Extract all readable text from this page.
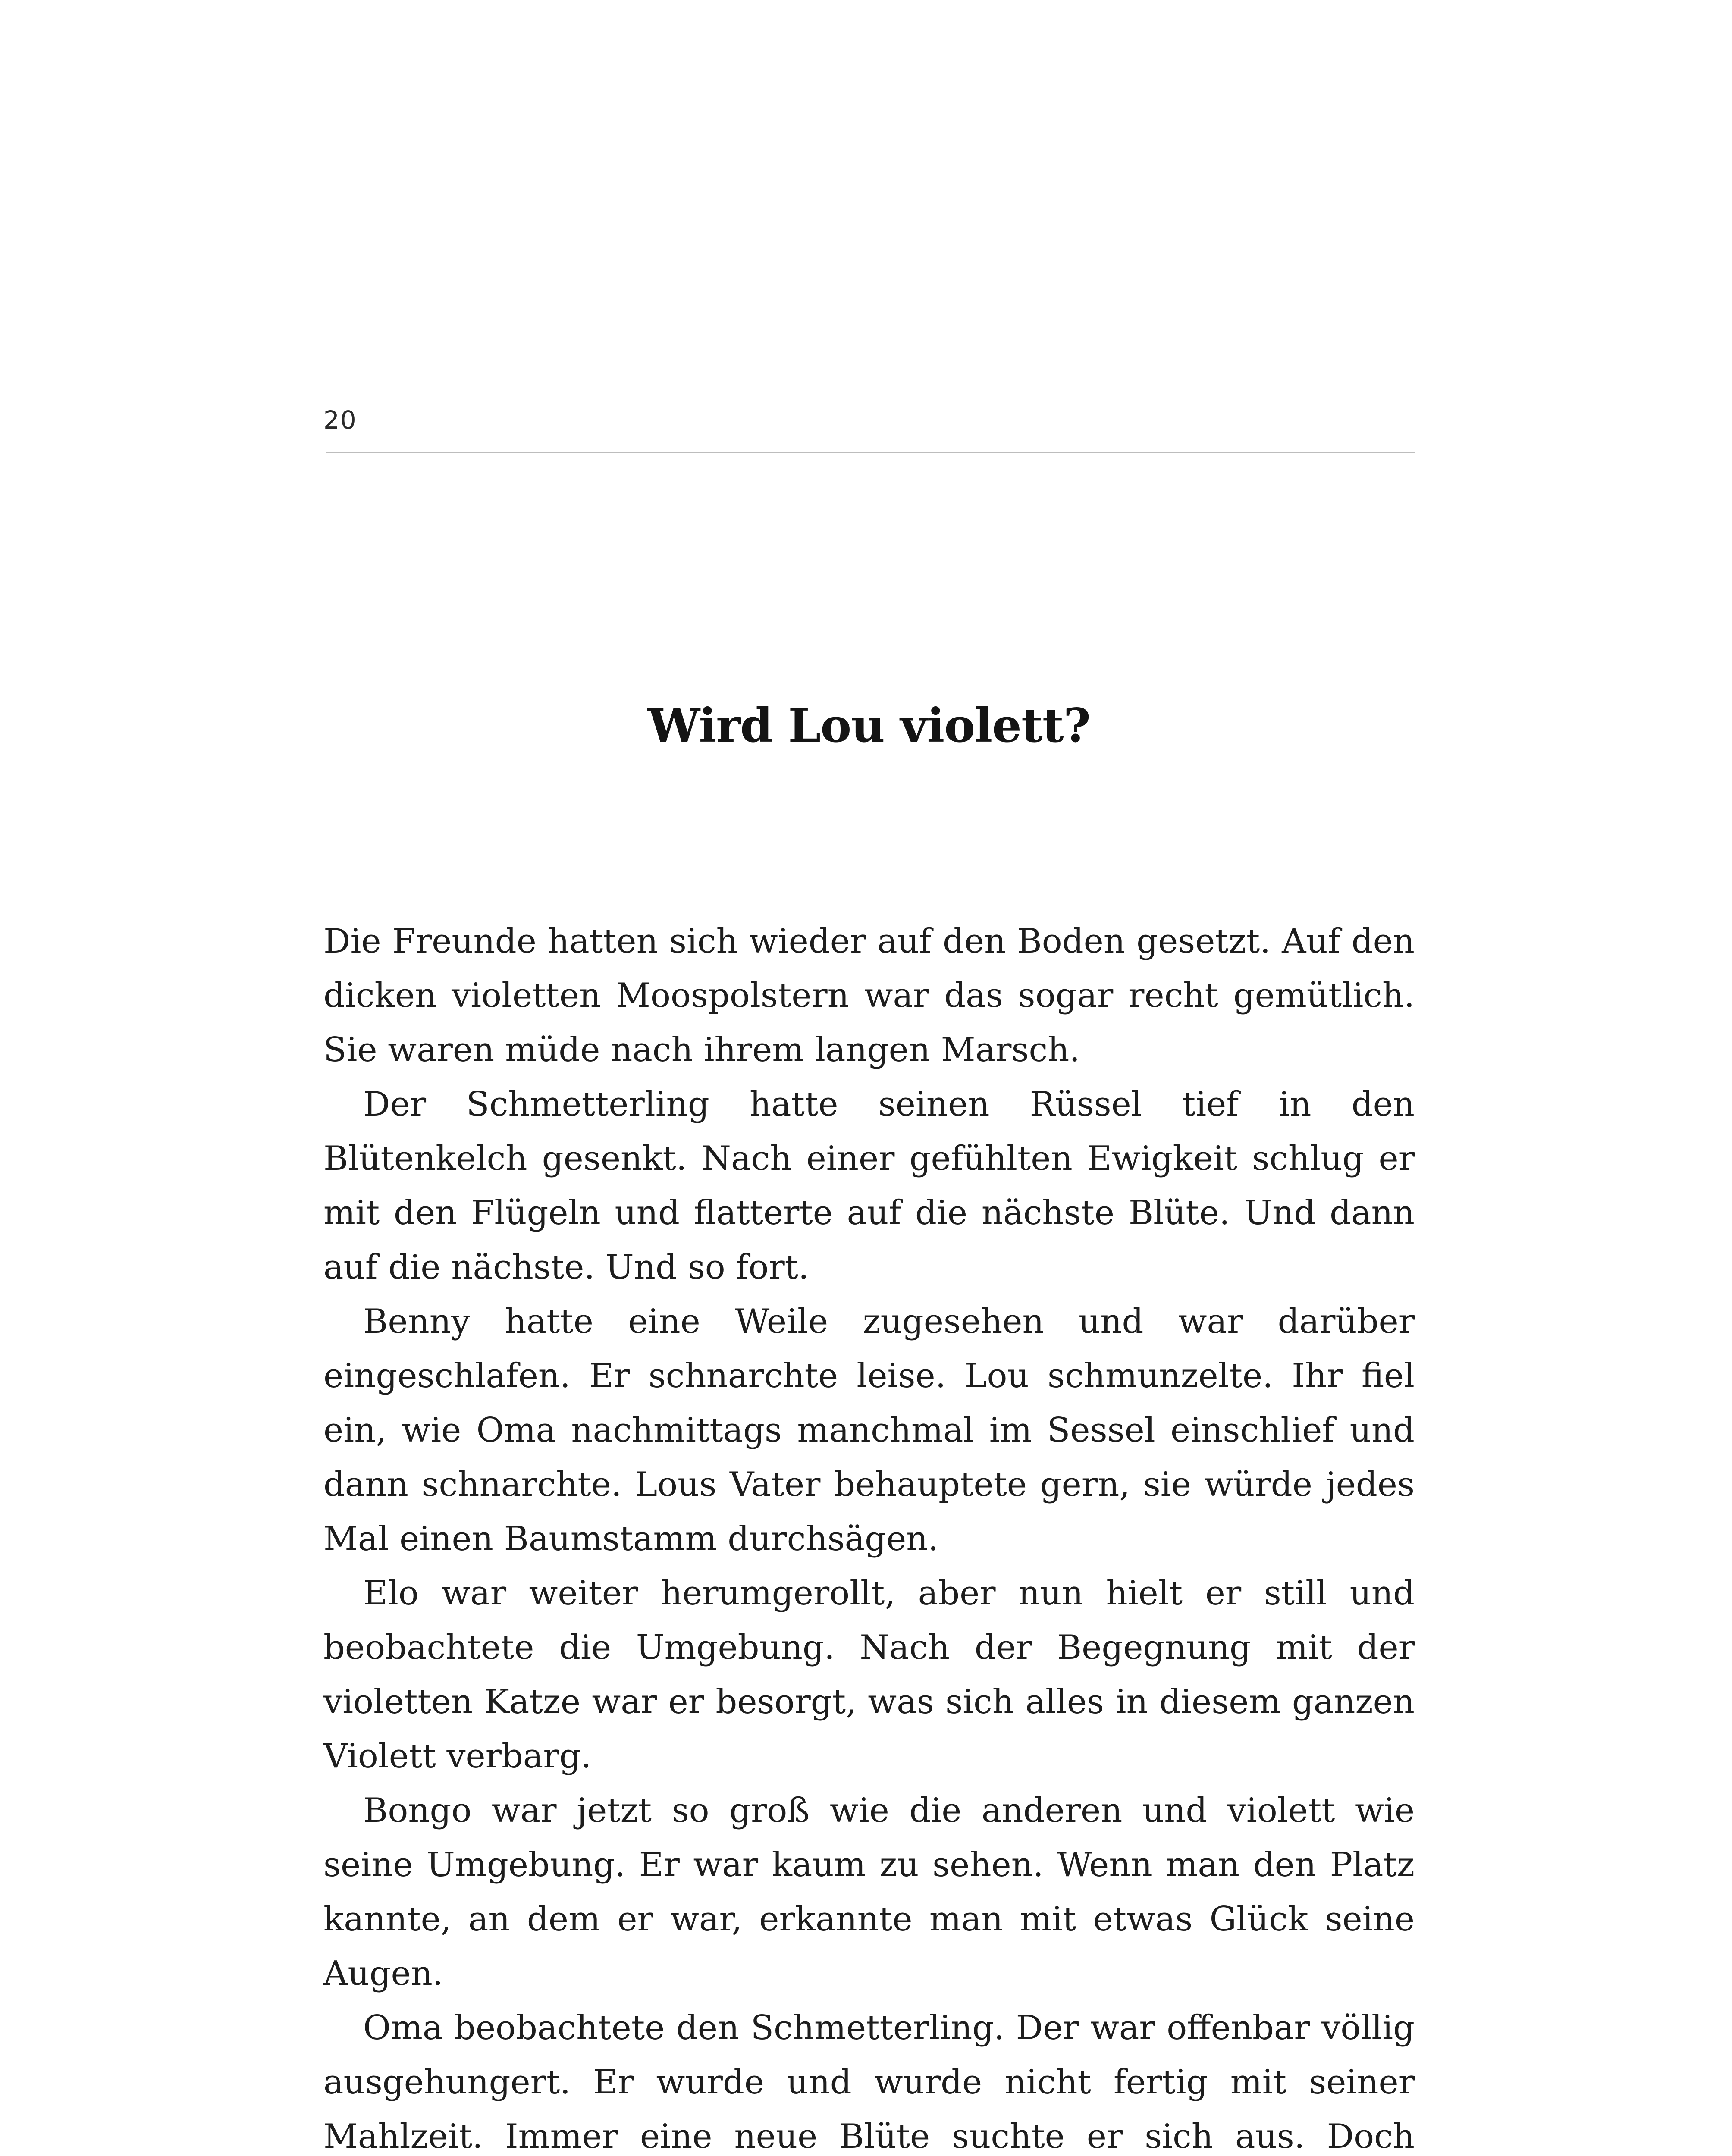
20
Wird Lou violett?

Die Freunde hatten sich wieder auf den Boden gesetzt. Auf den dicken violetten Moospolstern war das sogar recht gemütlich. Sie waren müde nach ihrem langen Marsch.

Der Schmetterling hatte seinen Rüssel tief in den Blütenkelch gesenkt. Nach einer gefühlten Ewigkeit schlug er mit den Flügeln und flatterte auf die nächste Blüte. Und dann auf die nächste. Und so fort.

Benny hatte eine Weile zugesehen und war darüber eingeschlafen. Er schnarchte leise. Lou schmunzelte. Ihr fiel ein, wie Oma nachmittags manchmal im Sessel einschlief und dann schnarchte. Lous Vater behauptete gern, sie würde jedes Mal einen Baumstamm durchsägen.

Elo war weiter herumgerollt, aber nun hielt er still und beobachtete die Umgebung. Nach der Begegnung mit der violetten Katze war er besorgt, was sich alles in diesem ganzen Violett verbarg.

Bongo war jetzt so groß wie die anderen und violett wie seine Umgebung. Er war kaum zu sehen. Wenn man den Platz kannte, an dem er war, erkannte man mit etwas Glück seine Augen.

Oma beobachtete den Schmetterling. Der war offenbar völlig ausgehungert. Er wurde und wurde nicht fertig mit seiner Mahlzeit. Immer eine neue Blüte suchte er sich aus. Doch
